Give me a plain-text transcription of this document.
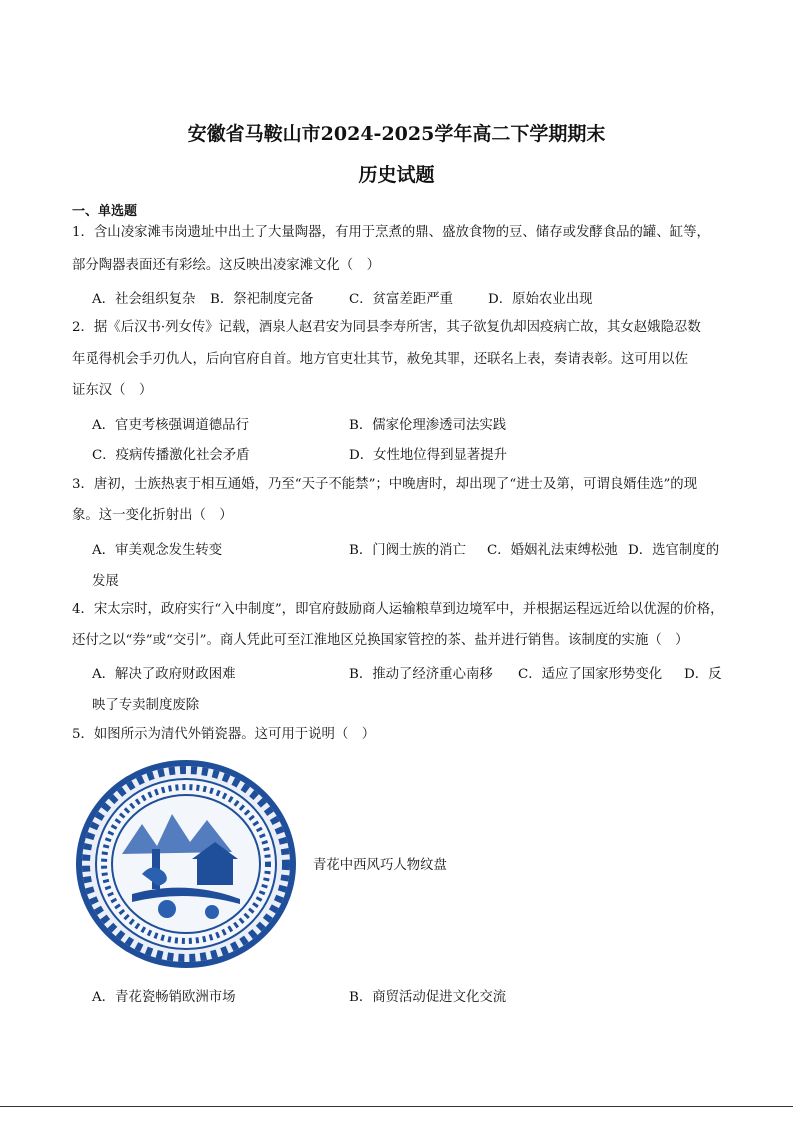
安徽省马鞍山市2024-2025学年高二下学期期末
历史试题
一、单选题
1．含山凌家滩韦岗遗址中出土了大量陶器，有用于烹煮的鼎、盛放食物的豆、储存或发酵食品的罐、缸等，
部分陶器表面还有彩绘。这反映出凌家滩文化（　）
A．社会组织复杂 B．祭祀制度完备	C．贫富差距严重	D．原始农业出现
2．据《后汉书·列女传》记载，酒泉人赵君安为同县李寿所害，其子欲复仇却因疫病亡故，其女赵娥隐忍数
年觅得机会手刃仇人，后向官府自首。地方官吏壮其节，赦免其罪，还联名上表，奏请表彰。这可用以佐
证东汉（　）
A．官吏考核强调道德品行	B．儒家伦理渗透司法实践
C．疫病传播激化社会矛盾	D．女性地位得到显著提升
3．唐初，士族热衷于相互通婚，乃至“天子不能禁”；中晚唐时，却出现了“进士及第，可谓良婿佳选”的现
象。这一变化折射出（　）
A．审美观念发生转变	B．门阀士族的消亡 C．婚姻礼法束缚松弛 D．选官制度的
发展
4．宋太宗时，政府实行“入中制度”，即官府鼓励商人运输粮草到边境军中，并根据运程远近给以优渥的价格，
还付之以“券”或“交引”。商人凭此可至江淮地区兑换国家管控的茶、盐并进行销售。该制度的实施（　）
A．解决了政府财政困难	B．推动了经济重心南移 C．适应了国家形势变化 D．反
映了专卖制度废除
5．如图所示为清代外销瓷器。这可用于说明（　）
青花中西风巧人物纹盘
A．青花瓷畅销欧洲市场	B．商贸活动促进文化交流
